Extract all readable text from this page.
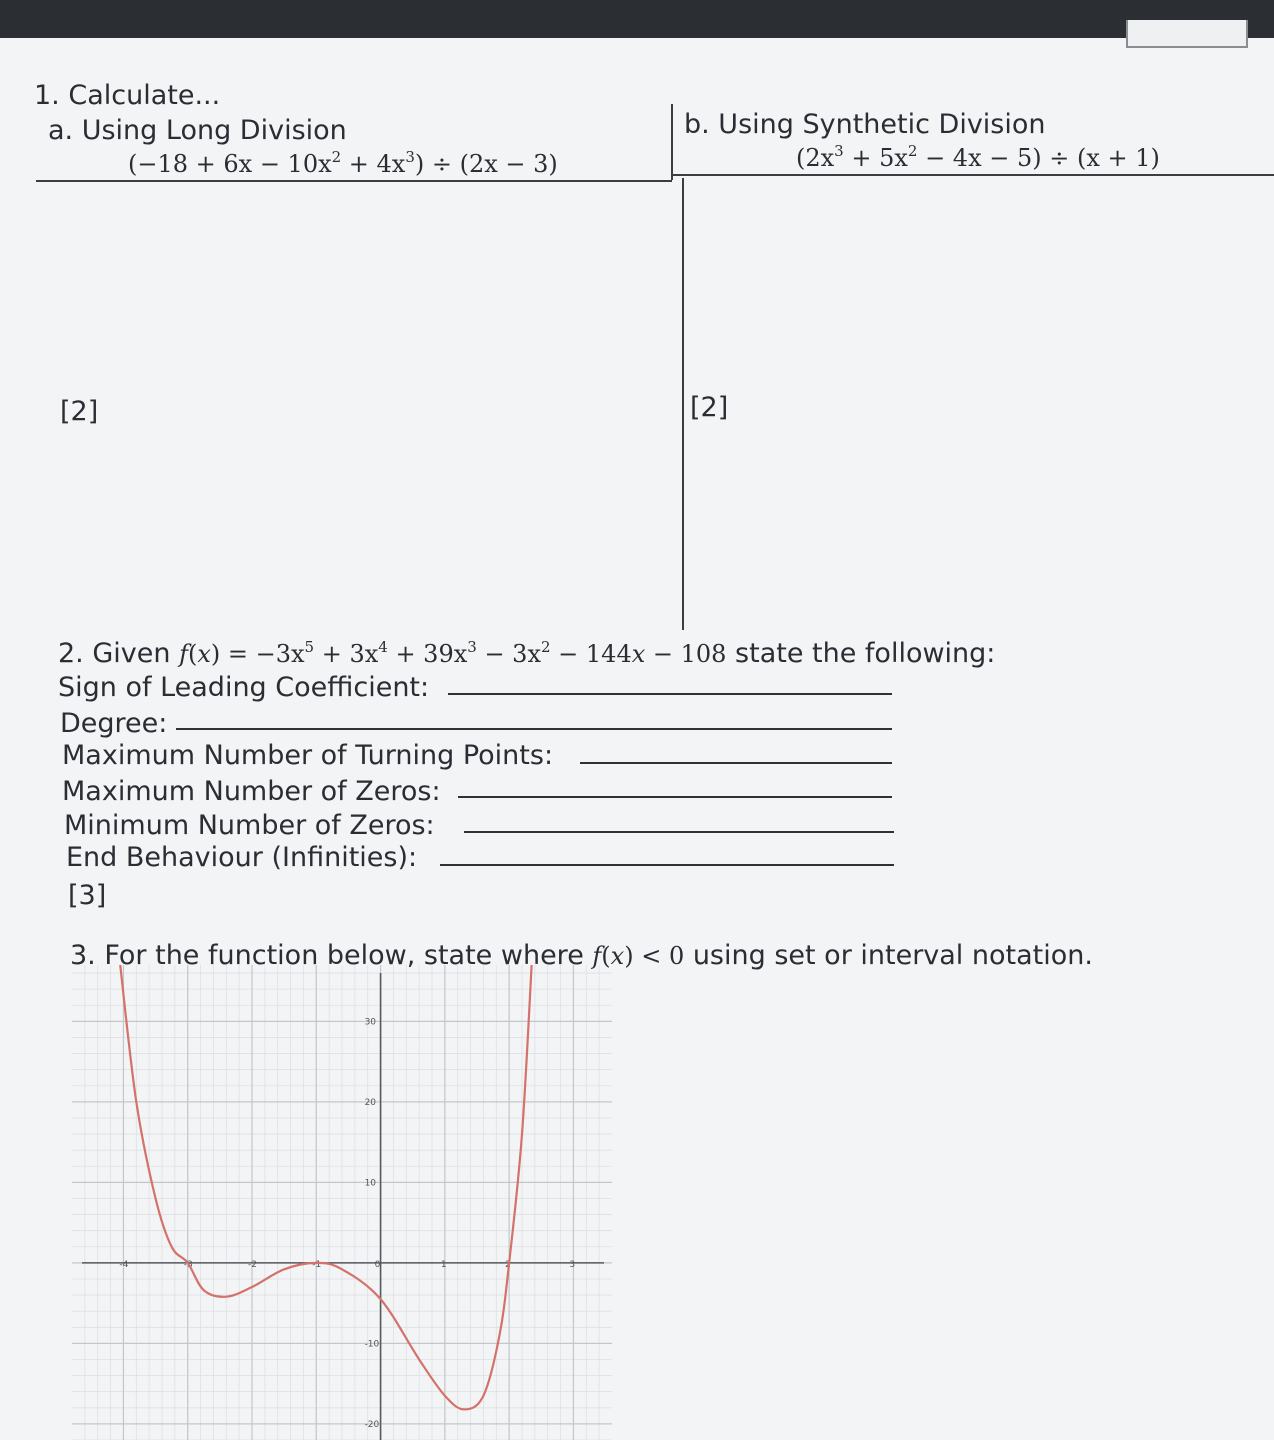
1. Calculate...
a. Using Long Division
$(-18 + 6x - 10x^2 + 4x^3) \div (2x - 3)$
b. Using Synthetic Division
$(2x^3 + 5x^2 - 4x - 5) \div (x + 1)$
[2]	[2]
2. Given $f(x) = -3x^5 + 3x^4 + 39x^3 - 3x^2 - 144x - 108$ state the following:
Sign of Leading Coefficient:
Degree:
Maximum Number of Turning Points:
Maximum Number of Zeros:
Minimum Number of Zeros:
End Behaviour (Infinities):
[3]
3. For the function below, state where f(x) < 0 using set or interval notation.
-4	-3	-2	-1	0	1	2	3
30
20
10
-10
-20
